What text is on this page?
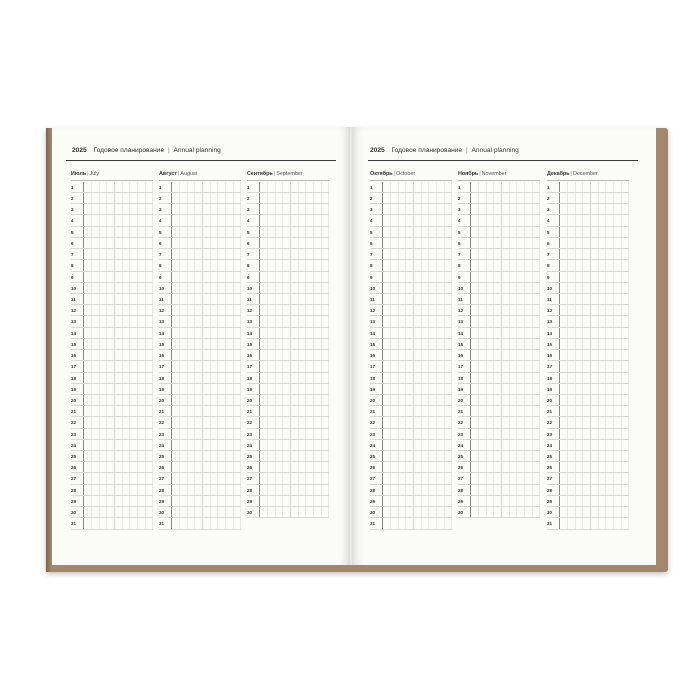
2025 Годовое планирование | Annual planning
Июль|July
1
2
3
4
5
6
7
8
9
10
11
12
13
14
15
16
17
18
19
20
21
22
23
24
25
26
27
28
29
30
31
Август|August
1
2
3
4
5
6
7
8
9
10
11
12
13
14
15
16
17
18
19
20
21
22
23
24
25
26
27
28
29
30
31
Сентябрь|September
1
2
3
4
5
6
7
8
9
10
11
12
13
14
15
16
17
18
19
20
21
22
23
24
25
26
27
28
29
30
2025 Годовое планирование | Annual planning
Октябрь|October
1
2
3
4
5
6
7
8
9
10
11
12
13
14
15
16
17
18
19
20
21
22
23
24
25
26
27
28
29
30
31
Ноябрь|November
1
2
3
4
5
6
7
8
9
10
11
12
13
14
15
16
17
18
19
20
21
22
23
24
25
26
27
28
29
30
Декабрь|December
1
2
3
4
5
6
7
8
9
10
11
12
13
14
15
16
17
18
19
20
21
22
23
24
25
26
27
28
29
30
31
